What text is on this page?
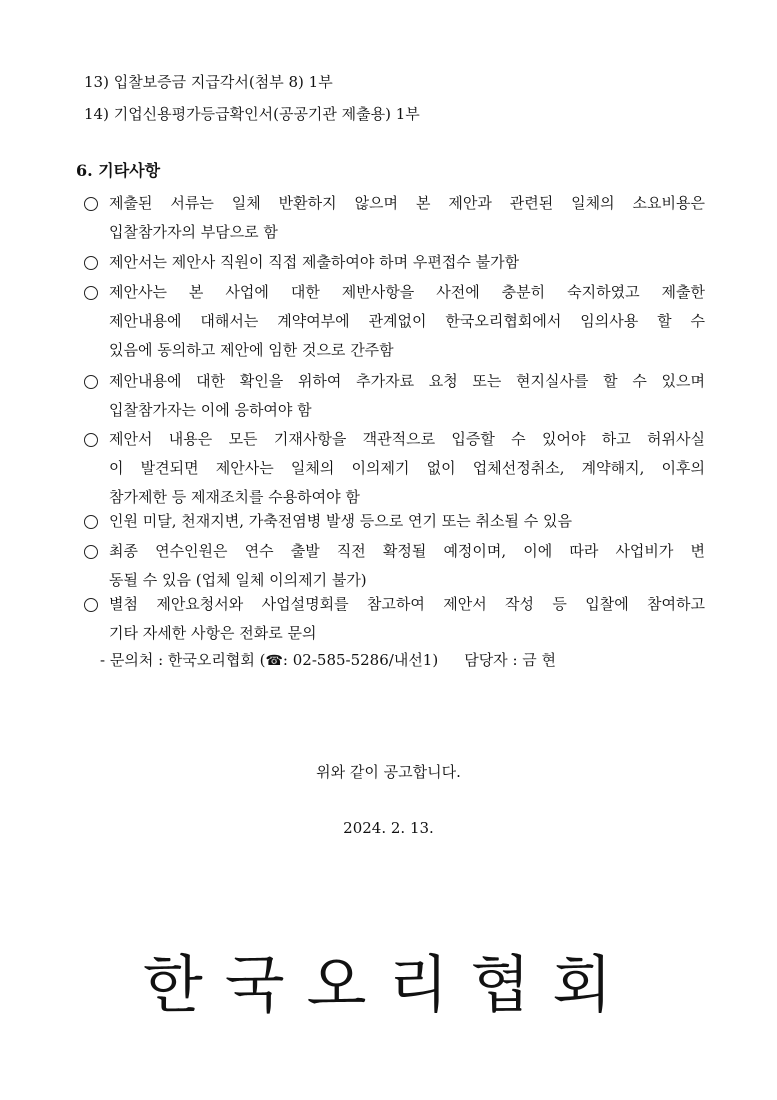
13) 입찰보증금 지급각서(첨부 8) 1부
14) 기업신용평가등급확인서(공공기관 제출용) 1부
6. 기타사항
제출된 서류는 일체 반환하지 않으며 본 제안과 관련된 일체의 소요비용은
입찰참가자의 부담으로 함
제안서는 제안사 직원이 직접 제출하여야 하며 우편접수 불가함
제안사는 본 사업에 대한 제반사항을 사전에 충분히 숙지하였고 제출한
제안내용에 대해서는 계약여부에 관계없이 한국오리협회에서 임의사용 할 수
있음에 동의하고 제안에 임한 것으로 간주함
제안내용에 대한 확인을 위하여 추가자료 요청 또는 현지실사를 할 수 있으며
입찰참가자는 이에 응하여야 함
제안서 내용은 모든 기재사항을 객관적으로 입증할 수 있어야 하고 허위사실
이 발견되면 제안사는 일체의 이의제기 없이 업체선정취소, 계약해지, 이후의
참가제한 등 제재조치를 수용하여야 함
인원 미달, 천재지변, 가축전염병 발생 등으로 연기 또는 취소될 수 있음
최종 연수인원은 연수 출발 직전 확정될 예정이며, 이에 따라 사업비가 변
동될 수 있음 (업체 일체 이의제기 불가)
별첨 제안요청서와 사업설명회를 참고하여 제안서 작성 등 입찰에 참여하고
기타 자세한 사항은 전화로 문의
- 문의처 : 한국오리협회 (☎: 02-585-5286/내선1) 담당자 : 금 현
위와 같이 공고합니다.
2024. 2. 13.
한국오리협회
